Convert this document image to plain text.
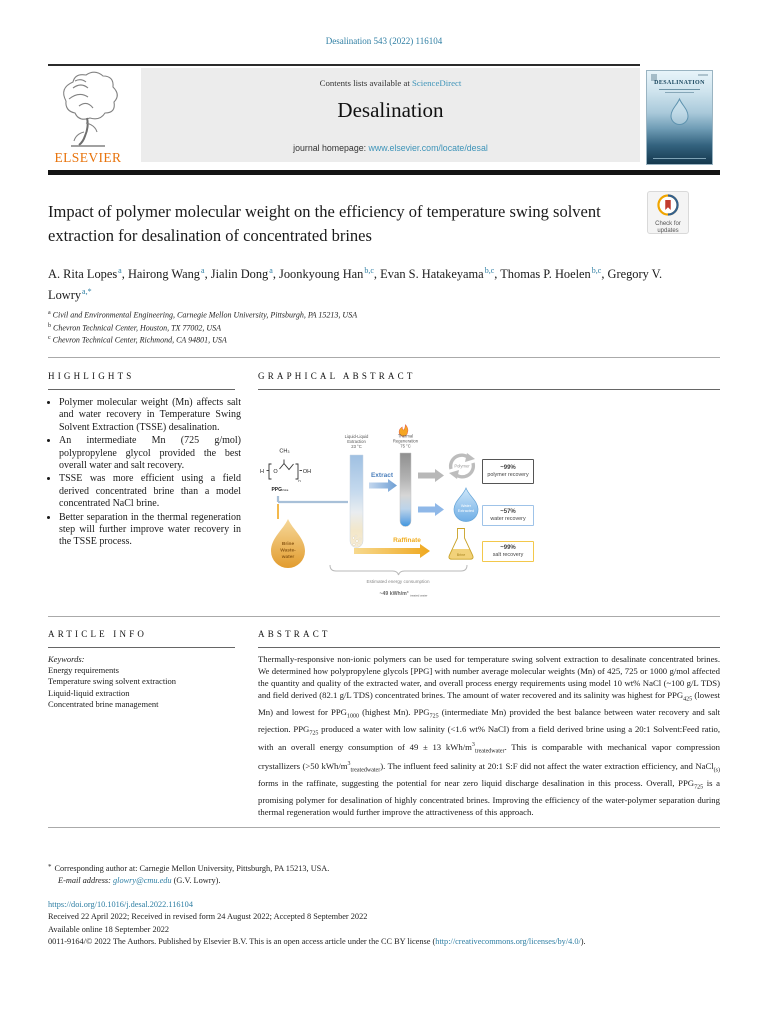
Desalination 543 (2022) 116104
Contents lists available at ScienceDirect
Desalination
journal homepage: www.elsevier.com/locate/desal
ELSEVIER
DESALINATION
Impact of polymer molecular weight on the efficiency of temperature swing solvent extraction for desalination of concentrated brines
Check for
updates
A. Rita Lopes$^a$, Hairong Wang$^a$, Jialin Dong$^a$, Joonkyoung Han$^{b,c}$, Evan S. Hatakeyama$^{b,c}$, Thomas P. Hoelen$^{b,c}$, Gregory V. Lowry$^{a,*}$
$^a$ Civil and Environmental Engineering, Carnegie Mellon University, Pittsburgh, PA 15213, USA
$^b$ Chevron Technical Center, Houston, TX 77002, USA
$^c$ Chevron Technical Center, Richmond, CA 94801, USA
HIGHLIGHTS	GRAPHICAL ABSTRACT
• Polymer molecular weight (Mn) affects salt and water recovery in Temperature Swing Solvent Extraction (TSSE) desalination.
• An intermediate Mn (725 g/mol) polypropylene glycol provided the best overall water and salt recovery.
• TSSE was more efficient using a field derived concentrated brine than a model concentrated NaCl brine.
• Better separation in the thermal regeneration step will further improve water recovery in the TSSE process.
CH₃
H O	OH
n
PPG₇₂₅
Brine
Waste-
water
Liquid-Liquid
Extraction
23 °C
Extract
Thermal
Regeneration
75 °C
Polymer
Water
Extracted
Raffinate
Brine
Estimated energy consumption
~49 kWh/m³ treated water
~99%
polymer recovery
~57%
water recovery
~99%
salt recovery
ARTICLE INFO	ABSTRACT
Keywords:
Energy requirements
Temperature swing solvent extraction
Liquid-liquid extraction
Concentrated brine management

Thermally-responsive non-ionic polymers can be used for temperature swing solvent extraction to desalinate concentrated brines. We determined how polypropylene glycols [PPG] with number average molecular weights (Mn) of 425, 725 or 1000 g/mol affected the quantity and quality of the extracted water, and overall process energy requirements using model 10 wt% NaCl (~100 g/L TDS) and field derived (82.1 g/L TDS) concentrated brines. The amount of water recovered and its salinity was highest for $PPG_{425}$ (lowest Mn) and lowest for $PPG_{1000}$ (highest Mn). $PPG_{725}$ (intermediate Mn) provided the best balance between water recovery and salt rejection. $PPG_{725}$ produced a water with low salinity (<1.6 wt% NaCl) from a field derived brine using a 20:1 Solvent:Feed ratio, with an overall energy consumption of 49 ± 13 kWh/$m^3_{treatedwater}$. This is comparable with mechanical vapor compression crystallizers (>50 kWh/$m^3_{treatedwater}$). The influent feed salinity at 20:1 S:F did not affect the water extraction efficiency, and NaCl$_{(s)}$ forms in the raffinate, suggesting the potential for near zero liquid discharge desalination in this process. Overall, $PPG_{725}$ is a promising polymer for desalination of highly concentrated brines. Improving the efficiency of the water-polymer separation during thermal regeneration would further improve the attractiveness of this approach.

* Corresponding author at: Carnegie Mellon University, Pittsburgh, PA 15213, USA.
E-mail address: glowry@cmu.edu (G.V. Lowry).
https://doi.org/10.1016/j.desal.2022.116104
Received 22 April 2022; Received in revised form 24 August 2022; Accepted 8 September 2022
Available online 18 September 2022
0011-9164/© 2022 The Authors. Published by Elsevier B.V. This is an open access article under the CC BY license (http://creativecommons.org/licenses/by/4.0/).
